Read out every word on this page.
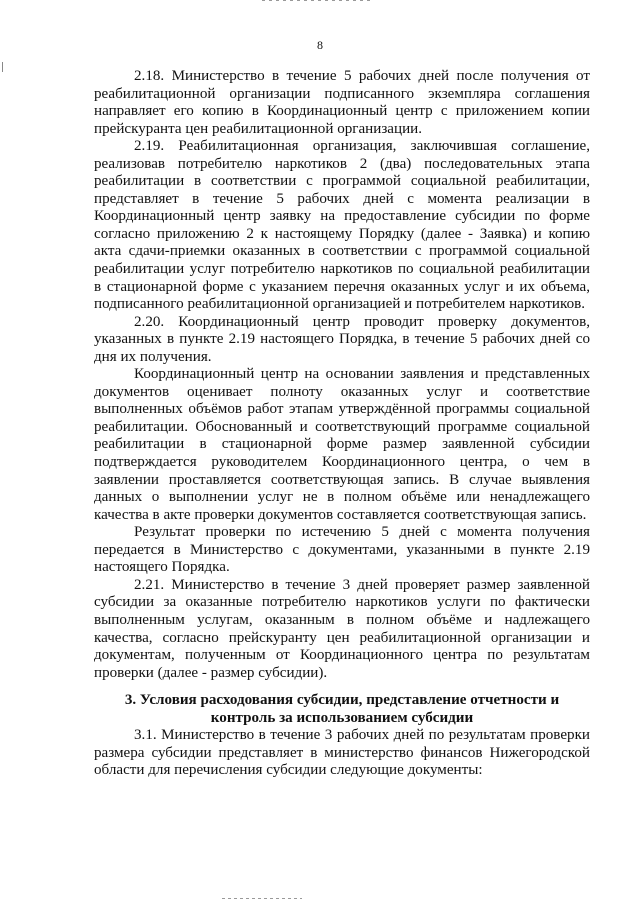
8

2.18. Министерство в течение 5 рабочих дней после получения от реабилитационной организации подписанного экземпляра соглашения направляет его копию в Координационный центр с приложением копии прейскуранта цен реабилитационной организации.

2.19. Реабилитационная организация, заключившая соглашение, реализовав потребителю наркотиков 2 (два) последовательных этапа реабилитации в соответствии с программой социальной реабилитации, представляет в течение 5 рабочих дней с момента реализации в Координационный центр заявку на предоставление субсидии по форме согласно приложению 2 к настоящему Порядку (далее - Заявка) и копию акта сдачи-приемки оказанных в соответствии с программой социальной реабилитации услуг потребителю наркотиков по социальной реабилитации в стационарной форме с указанием перечня оказанных услуг и их объема, подписанного реабилитационной организацией и потребителем наркотиков.

2.20. Координационный центр проводит проверку документов, указанных в пункте 2.19 настоящего Порядка, в течение 5 рабочих дней со дня их получения.

Координационный центр на основании заявления и представленных документов оценивает полноту оказанных услуг и соответствие выполненных объёмов работ этапам утверждённой программы социальной реабилитации. Обоснованный и соответствующий программе социальной реабилитации в стационарной форме размер заявленной субсидии подтверждается руководителем Координационного центра, о чем в заявлении проставляется соответствующая запись. В случае выявления данных о выполнении услуг не в полном объёме или ненадлежащего качества в акте проверки документов составляется соответствующая запись.

Результат проверки по истечению 5 дней с момента получения передается в Министерство с документами, указанными в пункте 2.19 настоящего Порядка.

2.21. Министерство в течение 3 дней проверяет размер заявленной субсидии за оказанные потребителю наркотиков услуги по фактически выполненным услугам, оказанным в полном объёме и надлежащего качества, согласно прейскуранту цен реабилитационной организации и документам, полученным от Координационного центра по результатам проверки (далее - размер субсидии).

3. Условия расходования субсидии, представление отчетности и
контроль за использованием субсидии

3.1. Министерство в течение 3 рабочих дней по результатам проверки размера субсидии представляет в министерство финансов Нижегородской области для перечисления субсидии следующие документы:
